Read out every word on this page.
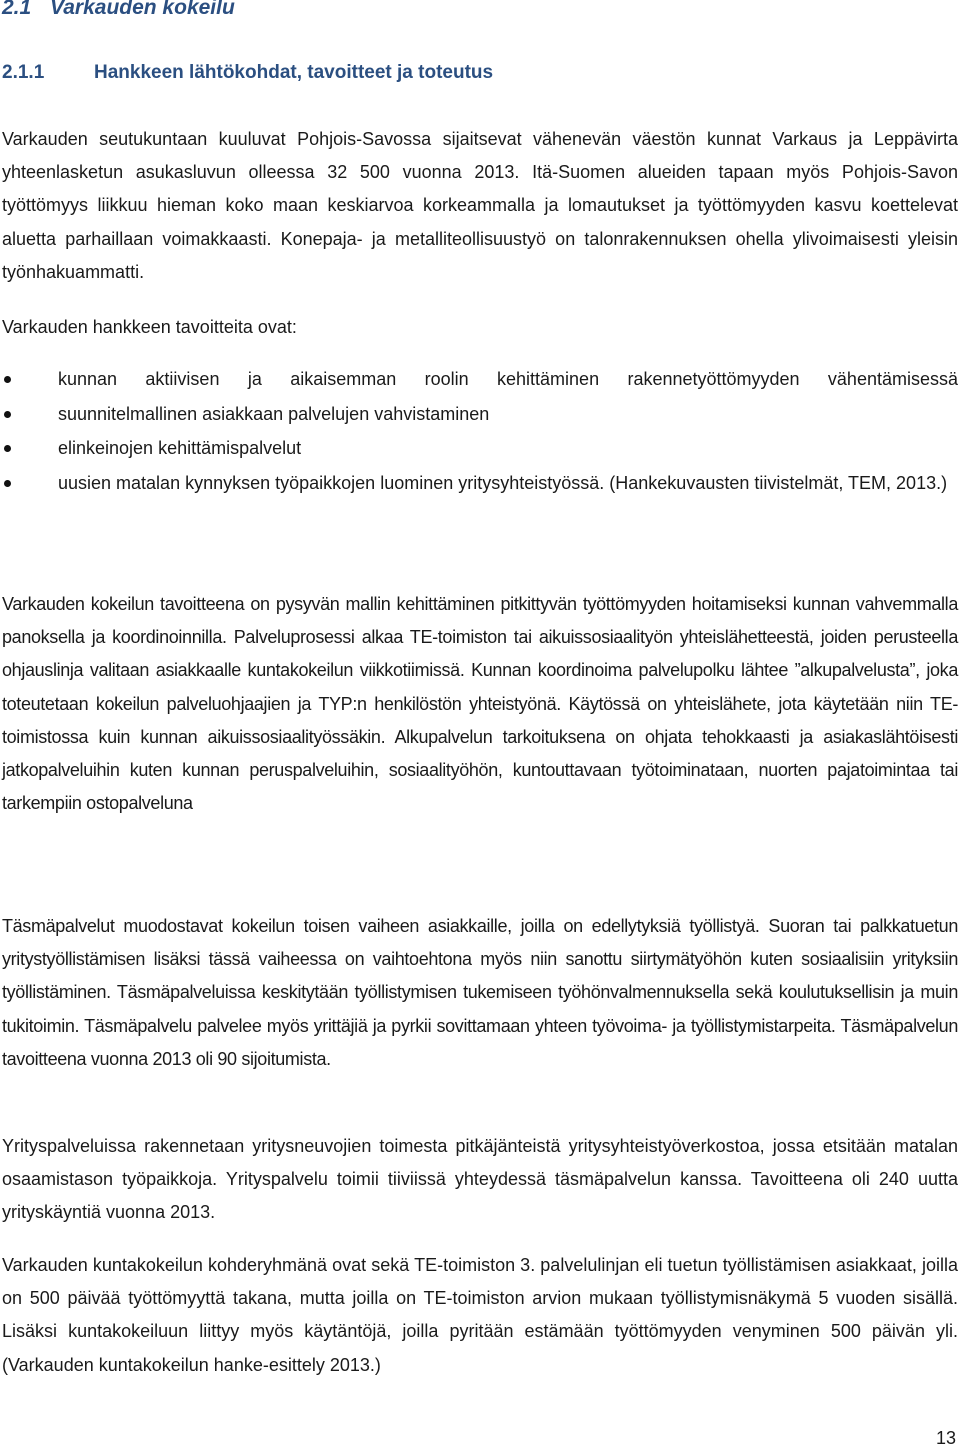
2.1 Varkauden kokeilu
2.1.1	Hankkeen lähtökohdat, tavoitteet ja toteutus

Varkauden seutukuntaan kuuluvat Pohjois-Savossa sijaitsevat vähenevän väestön kunnat Varkaus ja Leppävirta yhteenlasketun asukasluvun olleessa 32 500 vuonna 2013. Itä-Suomen alueiden tapaan myös Pohjois-Savon työttömyys liikkuu hieman koko maan keskiarvoa korkeammalla ja lomautukset ja työttömyyden kasvu koettelevat aluetta parhaillaan voimakkaasti. Konepaja- ja metalliteollisuustyö on talonrakennuksen ohella ylivoimaisesti yleisin työnhakuammatti.

Varkauden hankkeen tavoitteita ovat:

kunnan aktiivisen ja aikaisemman roolin kehittäminen rakennetyöttömyyden vähentämisessä
suunnitelmallinen asiakkaan palvelujen vahvistaminen
elinkeinojen kehittämispalvelut
uusien matalan kynnyksen työpaikkojen luominen yritysyhteistyössä. (Hankekuvausten tiivistelmät, TEM, 2013.)

Varkauden kokeilun tavoitteena on pysyvän mallin kehittäminen pitkittyvän työttömyyden hoitamiseksi kunnan vahvemmalla panoksella ja koordinoinnilla. Palveluprosessi alkaa TE-toimiston tai aikuissosiaalityön yhteislähetteestä, joiden perusteella ohjauslinja valitaan asiakkaalle kuntakokeilun viikkotiimissä. Kunnan koordinoima palvelupolku lähtee ”alkupalvelusta”, joka toteutetaan kokeilun palveluohjaajien ja TYP:n henkilöstön yhteistyönä. Käytössä on yhteislähete, jota käytetään niin TE-toimistossa kuin kunnan aikuissosiaalityössäkin. Alkupalvelun tarkoituksena on ohjata tehokkaasti ja asiakaslähtöisesti jatkopalveluihin kuten kunnan peruspalveluihin, sosiaalityöhön, kuntouttavaan työtoiminataan, nuorten pajatoimintaa tai tarkempiin ostopalveluna

Täsmäpalvelut muodostavat kokeilun toisen vaiheen asiakkaille, joilla on edellytyksiä työllistyä. Suoran tai palkkatuetun yritystyöllistämisen lisäksi tässä vaiheessa on vaihtoehtona myös niin sanottu siirtymätyöhön kuten sosiaalisiin yrityksiin työllistäminen. Täsmäpalveluissa keskitytään työllistymisen tukemiseen työhönvalmennuksella sekä koulutuksellisin ja muin tukitoimin. Täsmäpalvelu palvelee myös yrittäjiä ja pyrkii sovittamaan yhteen työvoima- ja työllistymistarpeita. Täsmäpalvelun tavoitteena vuonna 2013 oli 90 sijoitumista.

Yrityspalveluissa rakennetaan yritysneuvojien toimesta pitkäjänteistä yritysyhteistyöverkostoa, jossa etsitään matalan osaamistason työpaikkoja. Yrityspalvelu toimii tiiviissä yhteydessä täsmäpalvelun kanssa. Tavoitteena oli 240 uutta yrityskäyntiä vuonna 2013.

Varkauden kuntakokeilun kohderyhmänä ovat sekä TE-toimiston 3. palvelulinjan eli tuetun työllistämisen asiakkaat, joilla on 500 päivää työttömyyttä takana, mutta joilla on TE-toimiston arvion mukaan työllistymisnäkymä 5 vuoden sisällä. Lisäksi kuntakokeiluun liittyy myös käytäntöjä, joilla pyritään estämään työttömyyden venyminen 500 päivän yli. (Varkauden kuntakokeilun hanke-esittely 2013.)

13
